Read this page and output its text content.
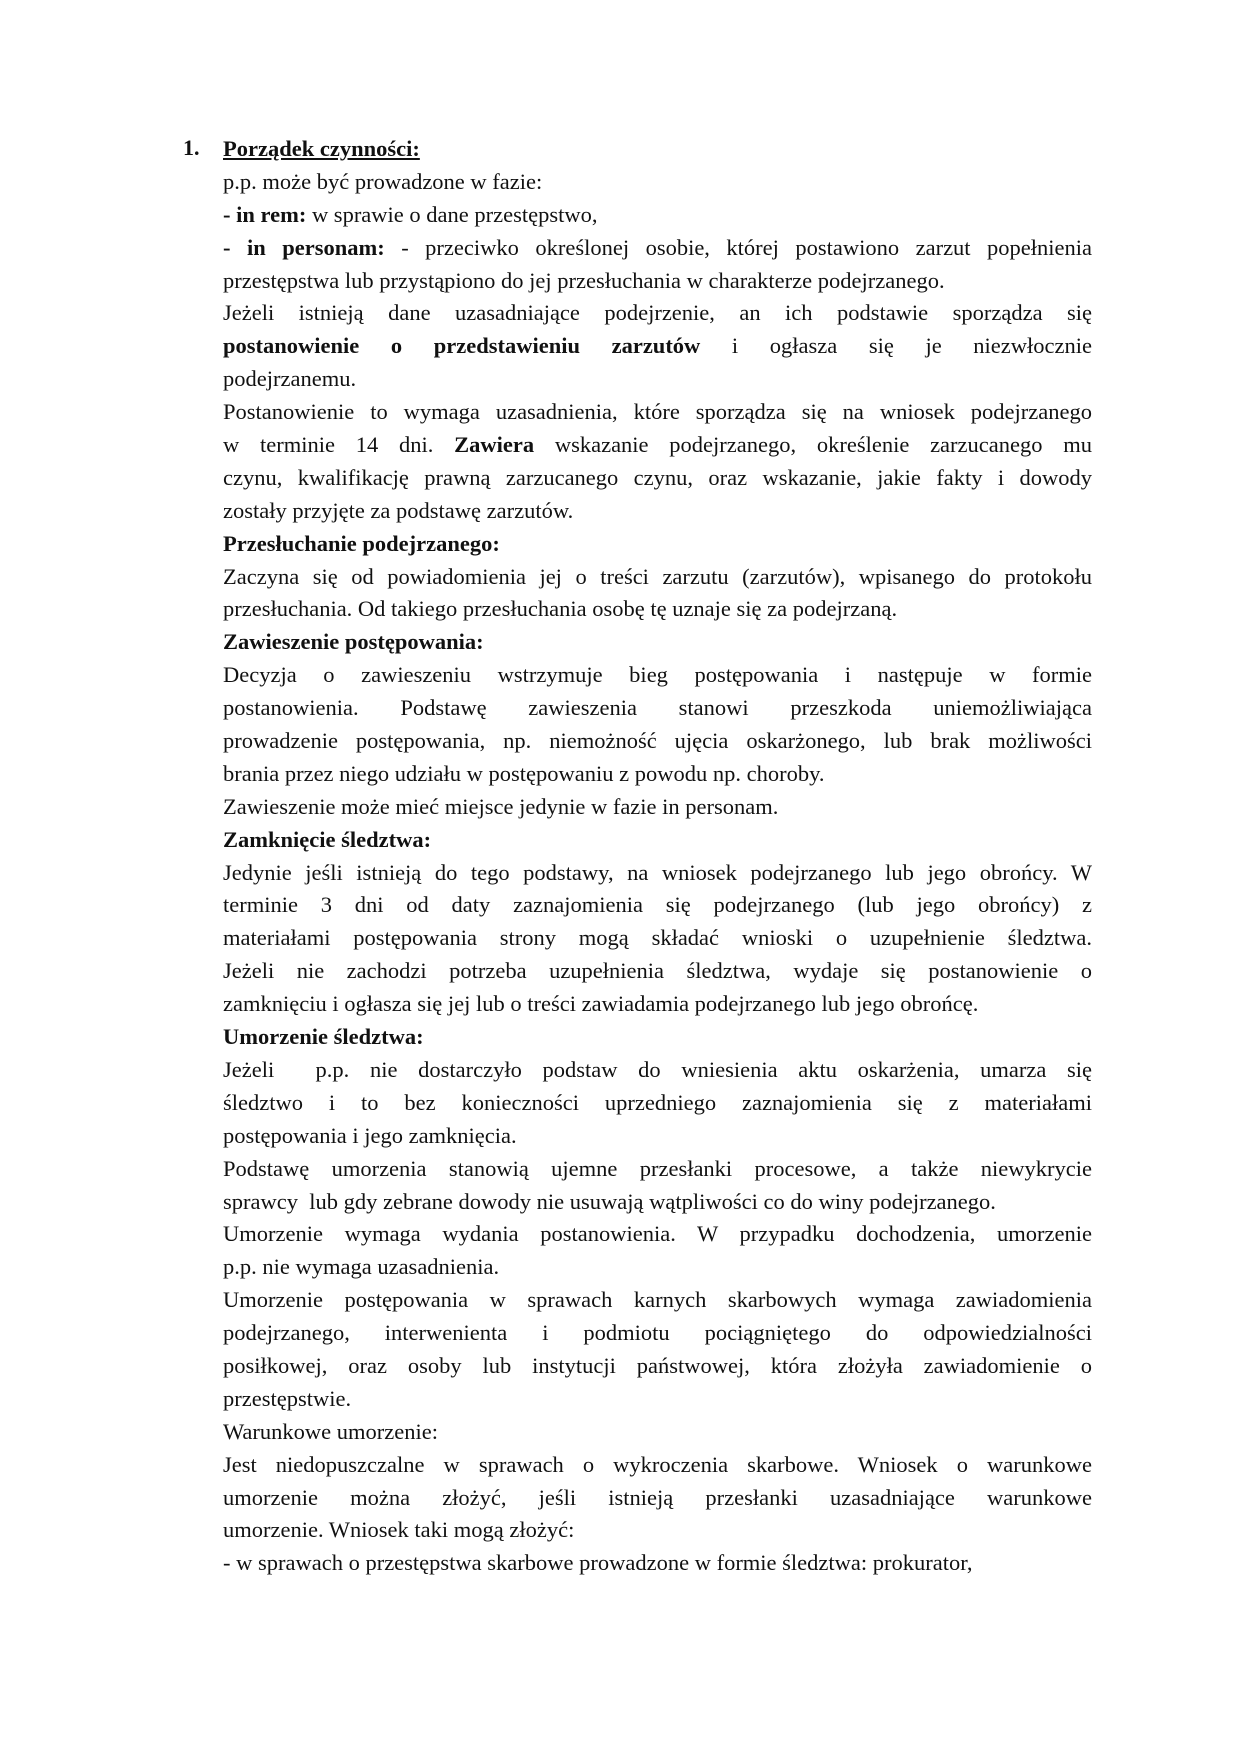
1. Porządek czynności:
p.p. może być prowadzone w fazie:
- in rem: w sprawie o dane przestępstwo,
- in personam: - przeciwko określonej osobie, której postawiono zarzut popełnienia
przestępstwa lub przystąpiono do jej przesłuchania w charakterze podejrzanego.
Jeżeli istnieją dane uzasadniające podejrzenie, an ich podstawie sporządza się
postanowienie o przedstawieniu zarzutów i ogłasza się je niezwłocznie
podejrzanemu.
Postanowienie to wymaga uzasadnienia, które sporządza się na wniosek podejrzanego
w terminie 14 dni. Zawiera wskazanie podejrzanego, określenie zarzucanego mu
czynu, kwalifikację prawną zarzucanego czynu, oraz wskazanie, jakie fakty i dowody
zostały przyjęte za podstawę zarzutów.
Przesłuchanie podejrzanego:
Zaczyna się od powiadomienia jej o treści zarzutu (zarzutów), wpisanego do protokołu
przesłuchania. Od takiego przesłuchania osobę tę uznaje się za podejrzaną.
Zawieszenie postępowania:
Decyzja o zawieszeniu wstrzymuje bieg postępowania i następuje w formie
postanowienia. Podstawę zawieszenia stanowi przeszkoda uniemożliwiająca
prowadzenie postępowania, np. niemożność ujęcia oskarżonego, lub brak możliwości
brania przez niego udziału w postępowaniu z powodu np. choroby.
Zawieszenie może mieć miejsce jedynie w fazie in personam.
Zamknięcie śledztwa:
Jedynie jeśli istnieją do tego podstawy, na wniosek podejrzanego lub jego obrońcy. W
terminie 3 dni od daty zaznajomienia się podejrzanego (lub jego obrońcy) z
materiałami postępowania strony mogą składać wnioski o uzupełnienie śledztwa.
Jeżeli nie zachodzi potrzeba uzupełnienia śledztwa, wydaje się postanowienie o
zamknięciu i ogłasza się jej lub o treści zawiadamia podejrzanego lub jego obrońcę.
Umorzenie śledztwa:
Jeżeli  p.p. nie dostarczyło podstaw do wniesienia aktu oskarżenia, umarza się
śledztwo i to bez konieczności uprzedniego zaznajomienia się z materiałami
postępowania i jego zamknięcia.
Podstawę umorzenia stanowią ujemne przesłanki procesowe, a także niewykrycie
sprawcy  lub gdy zebrane dowody nie usuwają wątpliwości co do winy podejrzanego.
Umorzenie wymaga wydania postanowienia. W przypadku dochodzenia, umorzenie
p.p. nie wymaga uzasadnienia.
Umorzenie postępowania w sprawach karnych skarbowych wymaga zawiadomienia
podejrzanego, interwenienta i podmiotu pociągniętego do odpowiedzialności
posiłkowej, oraz osoby lub instytucji państwowej, która złożyła zawiadomienie o
przestępstwie.
Warunkowe umorzenie:
Jest niedopuszczalne w sprawach o wykroczenia skarbowe. Wniosek o warunkowe
umorzenie można złożyć, jeśli istnieją przesłanki uzasadniające warunkowe
umorzenie. Wniosek taki mogą złożyć:
- w sprawach o przestępstwa skarbowe prowadzone w formie śledztwa: prokurator,
